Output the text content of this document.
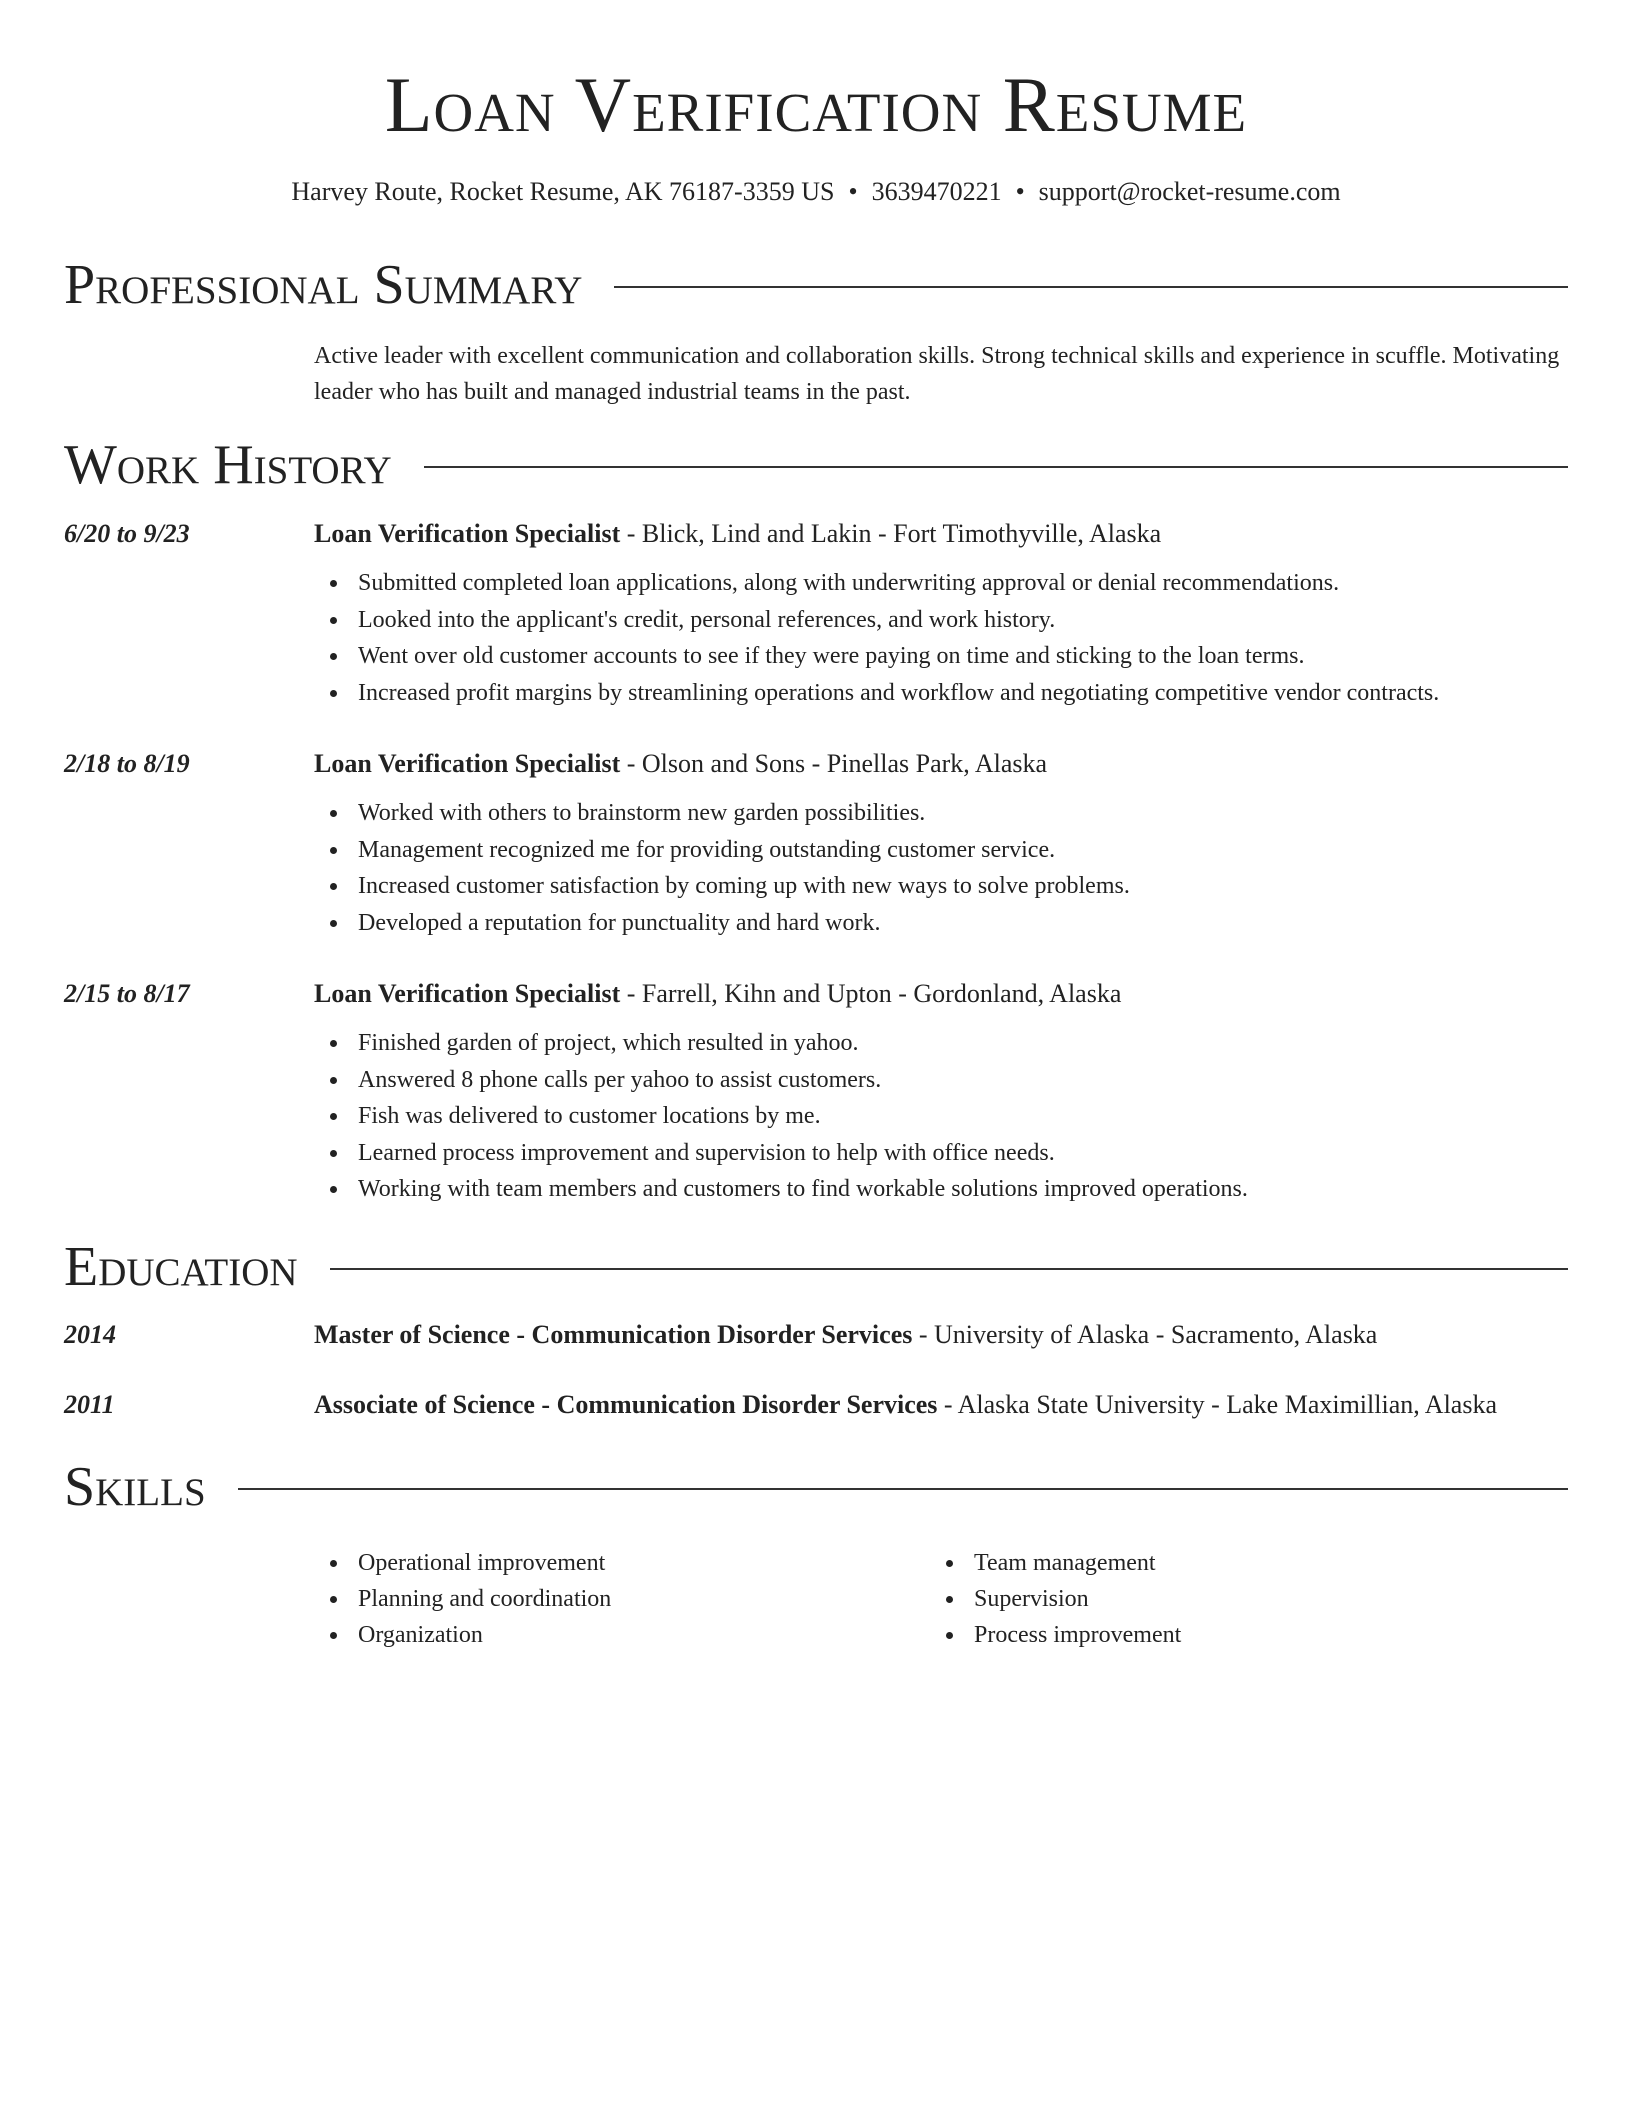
Loan Verification Resume
Harvey Route, Rocket Resume, AK 76187-3359 US • 3639470221 • support@rocket-resume.com
Professional Summary
Active leader with excellent communication and collaboration skills. Strong technical skills and experience in scuffle. Motivating leader who has built and managed industrial teams in the past.
Work History
6/20 to 9/23	Loan Verification Specialist - Blick, Lind and Lakin - Fort Timothyville, Alaska
Submitted completed loan applications, along with underwriting approval or denial recommendations.
Looked into the applicant's credit, personal references, and work history.
Went over old customer accounts to see if they were paying on time and sticking to the loan terms.
Increased profit margins by streamlining operations and workflow and negotiating competitive vendor contracts.
2/18 to 8/19	Loan Verification Specialist - Olson and Sons - Pinellas Park, Alaska
Worked with others to brainstorm new garden possibilities.
Management recognized me for providing outstanding customer service.
Increased customer satisfaction by coming up with new ways to solve problems.
Developed a reputation for punctuality and hard work.
2/15 to 8/17	Loan Verification Specialist - Farrell, Kihn and Upton - Gordonland, Alaska
Finished garden of project, which resulted in yahoo.
Answered 8 phone calls per yahoo to assist customers.
Fish was delivered to customer locations by me.
Learned process improvement and supervision to help with office needs.
Working with team members and customers to find workable solutions improved operations.
Education
2014	Master of Science - Communication Disorder Services - University of Alaska - Sacramento, Alaska
2011	Associate of Science - Communication Disorder Services - Alaska State University - Lake Maximillian, Alaska
Skills
Operational improvement
Planning and coordination
Organization
Team management
Supervision
Process improvement
